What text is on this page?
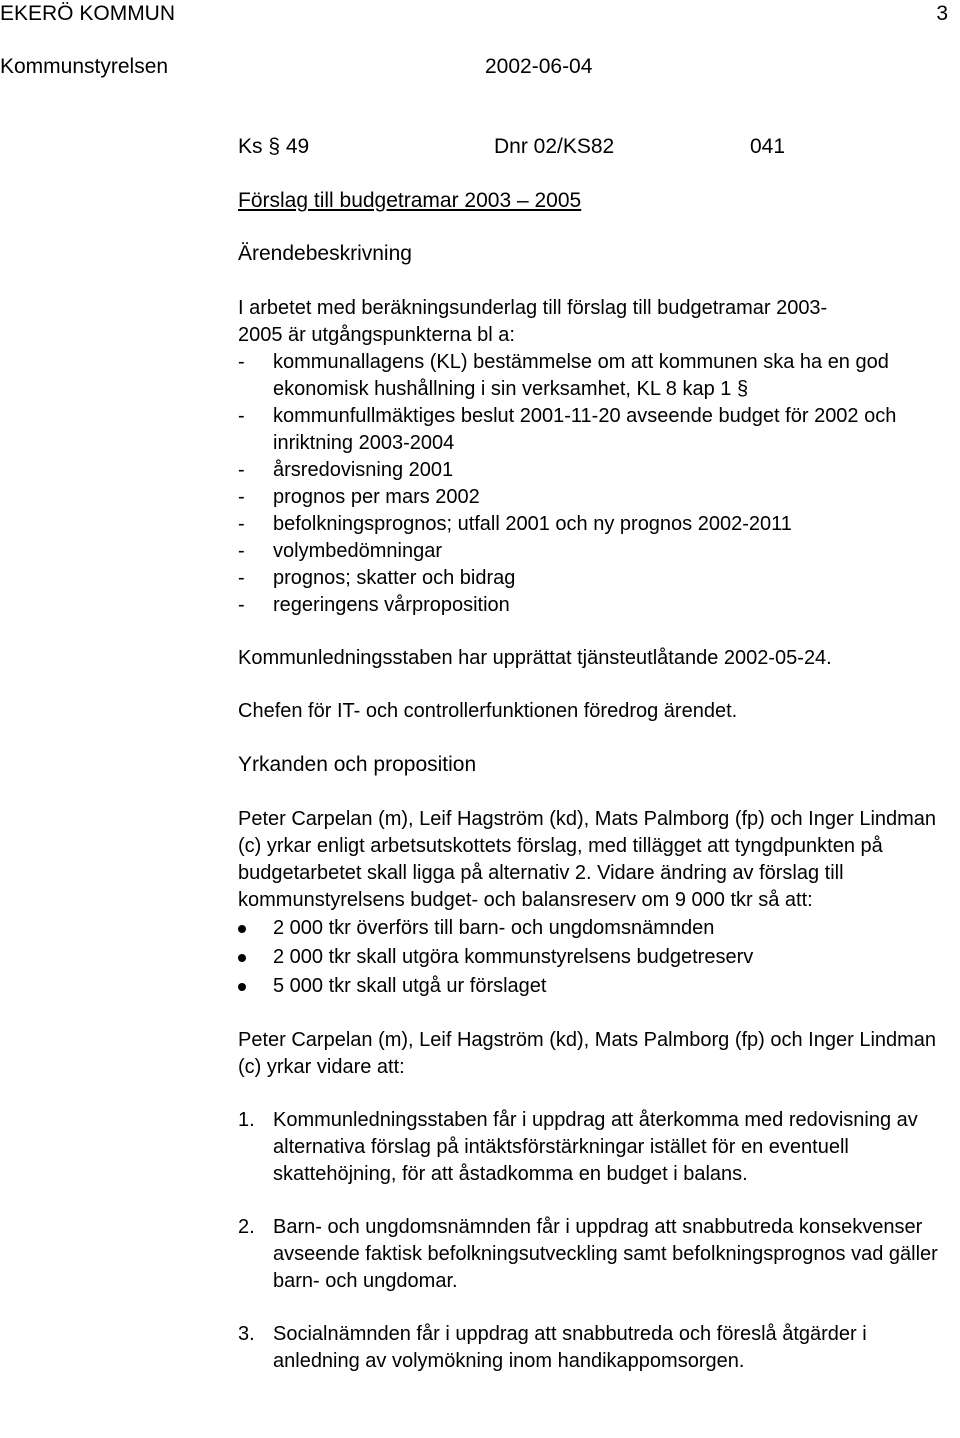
EKERÖ KOMMUN	3
Kommunstyrelsen	2002-06-04
Ks § 49	Dnr 02/KS82	041

Förslag till budgetramar 2003 – 2005

Ärendebeskrivning

I arbetet med beräkningsunderlag till förslag till budgetramar 2003-2005 är utgångspunkterna bl a:

- kommunallagens (KL) bestämmelse om att kommunen ska ha en god ekonomisk hushållning i sin verksamhet, KL 8 kap 1 §
- kommunfullmäktiges beslut 2001-11-20 avseende budget för 2002 och inriktning 2003-2004
- årsredovisning 2001
- prognos per mars 2002
- befolkningsprognos; utfall 2001 och ny prognos 2002-2011
- volymbedömningar
- prognos; skatter och bidrag
- regeringens vårproposition

Kommunledningsstaben har upprättat tjänsteutlåtande 2002-05-24.

Chefen för IT- och controllerfunktionen föredrog ärendet.

Yrkanden och proposition

Peter Carpelan (m), Leif Hagström (kd), Mats Palmborg (fp) och Inger Lindman (c) yrkar enligt arbetsutskottets förslag, med tillägget att tyngdpunkten på budgetarbetet skall ligga på alternativ 2. Vidare ändring av förslag till kommunstyrelsens budget- och balansreserv om 9 000 tkr så att:

2 000 tkr överförs till barn- och ungdomsnämnden
2 000 tkr skall utgöra kommunstyrelsens budgetreserv
5 000 tkr skall utgå ur förslaget

Peter Carpelan (m), Leif Hagström (kd), Mats Palmborg (fp) och Inger Lindman (c) yrkar vidare att:

1. Kommunledningsstaben får i uppdrag att återkomma med redovisning av alternativa förslag på intäktsförstärkningar istället för en eventuell skattehöjning, för att åstadkomma en budget i balans.
2. Barn- och ungdomsnämnden får i uppdrag att snabbutreda konsekvenser avseende faktisk befolkningsutveckling samt befolkningsprognos vad gäller barn- och ungdomar.
3. Socialnämnden får i uppdrag att snabbutreda och föreslå åtgärder i anledning av volymökning inom handikappomsorgen.
